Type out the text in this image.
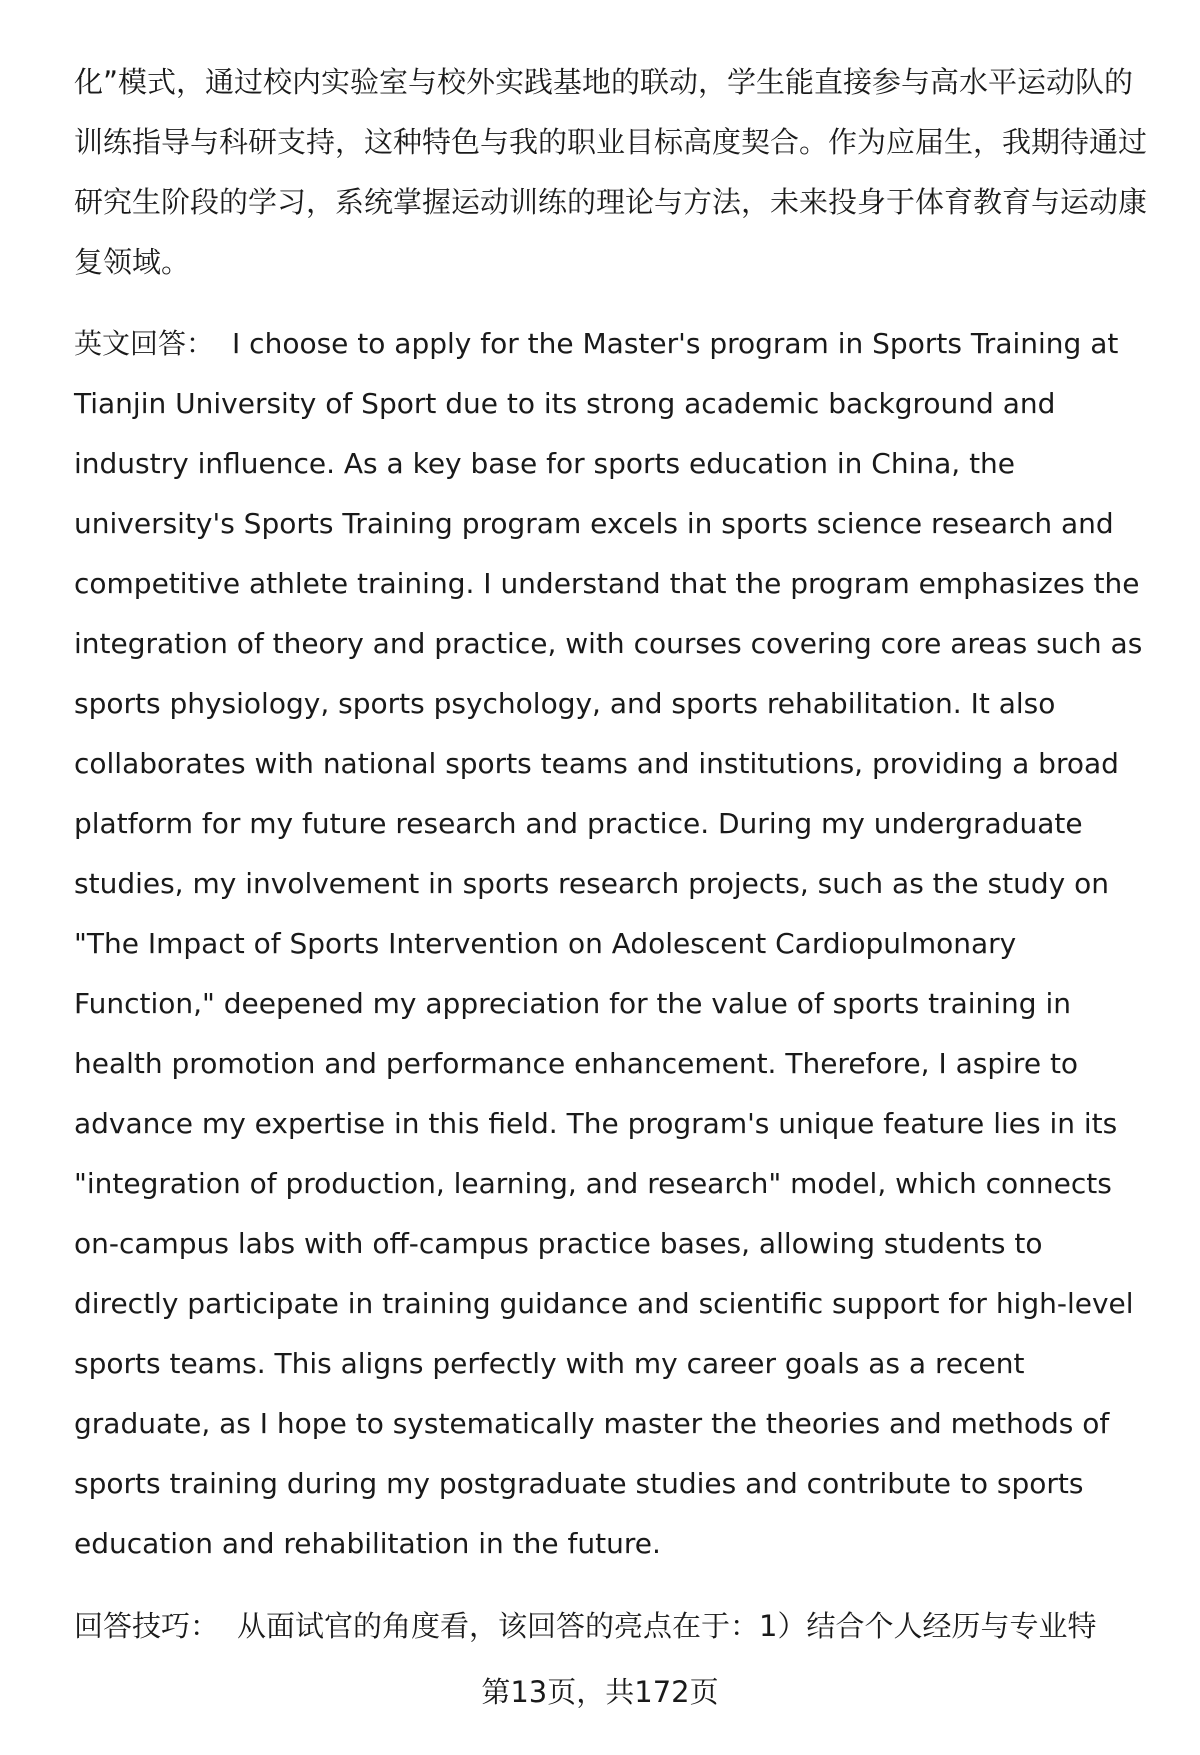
化”模式，通过校内实验室与校外实践基地的联动，学生能直接参与高水平运动队的训练指导与科研支持，这种特色与我的职业目标高度契合。作为应届生，我期待通过研究生阶段的学习，系统掌握运动训练的理论与方法，未来投身于体育教育与运动康复领域。

英文回答： I choose to apply for the Master's program in Sports Training at Tianjin University of Sport due to its strong academic background and industry influence. As a key base for sports education in China, the university's Sports Training program excels in sports science research and competitive athlete training. I understand that the program emphasizes the integration of theory and practice, with courses covering core areas such as sports physiology, sports psychology, and sports rehabilitation. It also collaborates with national sports teams and institutions, providing a broad platform for my future research and practice. During my undergraduate studies, my involvement in sports research projects, such as the study on "The Impact of Sports Intervention on Adolescent Cardiopulmonary Function," deepened my appreciation for the value of sports training in health promotion and performance enhancement. Therefore, I aspire to advance my expertise in this field. The program's unique feature lies in its "integration of production, learning, and research" model, which connects on-campus labs with off-campus practice bases, allowing students to directly participate in training guidance and scientific support for high-level sports teams. This aligns perfectly with my career goals as a recent graduate, as I hope to systematically master the theories and methods of sports training during my postgraduate studies and contribute to sports education and rehabilitation in the future.

回答技巧： 从面试官的角度看，该回答的亮点在于：1）结合个人经历与专业特

第13页，共172页
